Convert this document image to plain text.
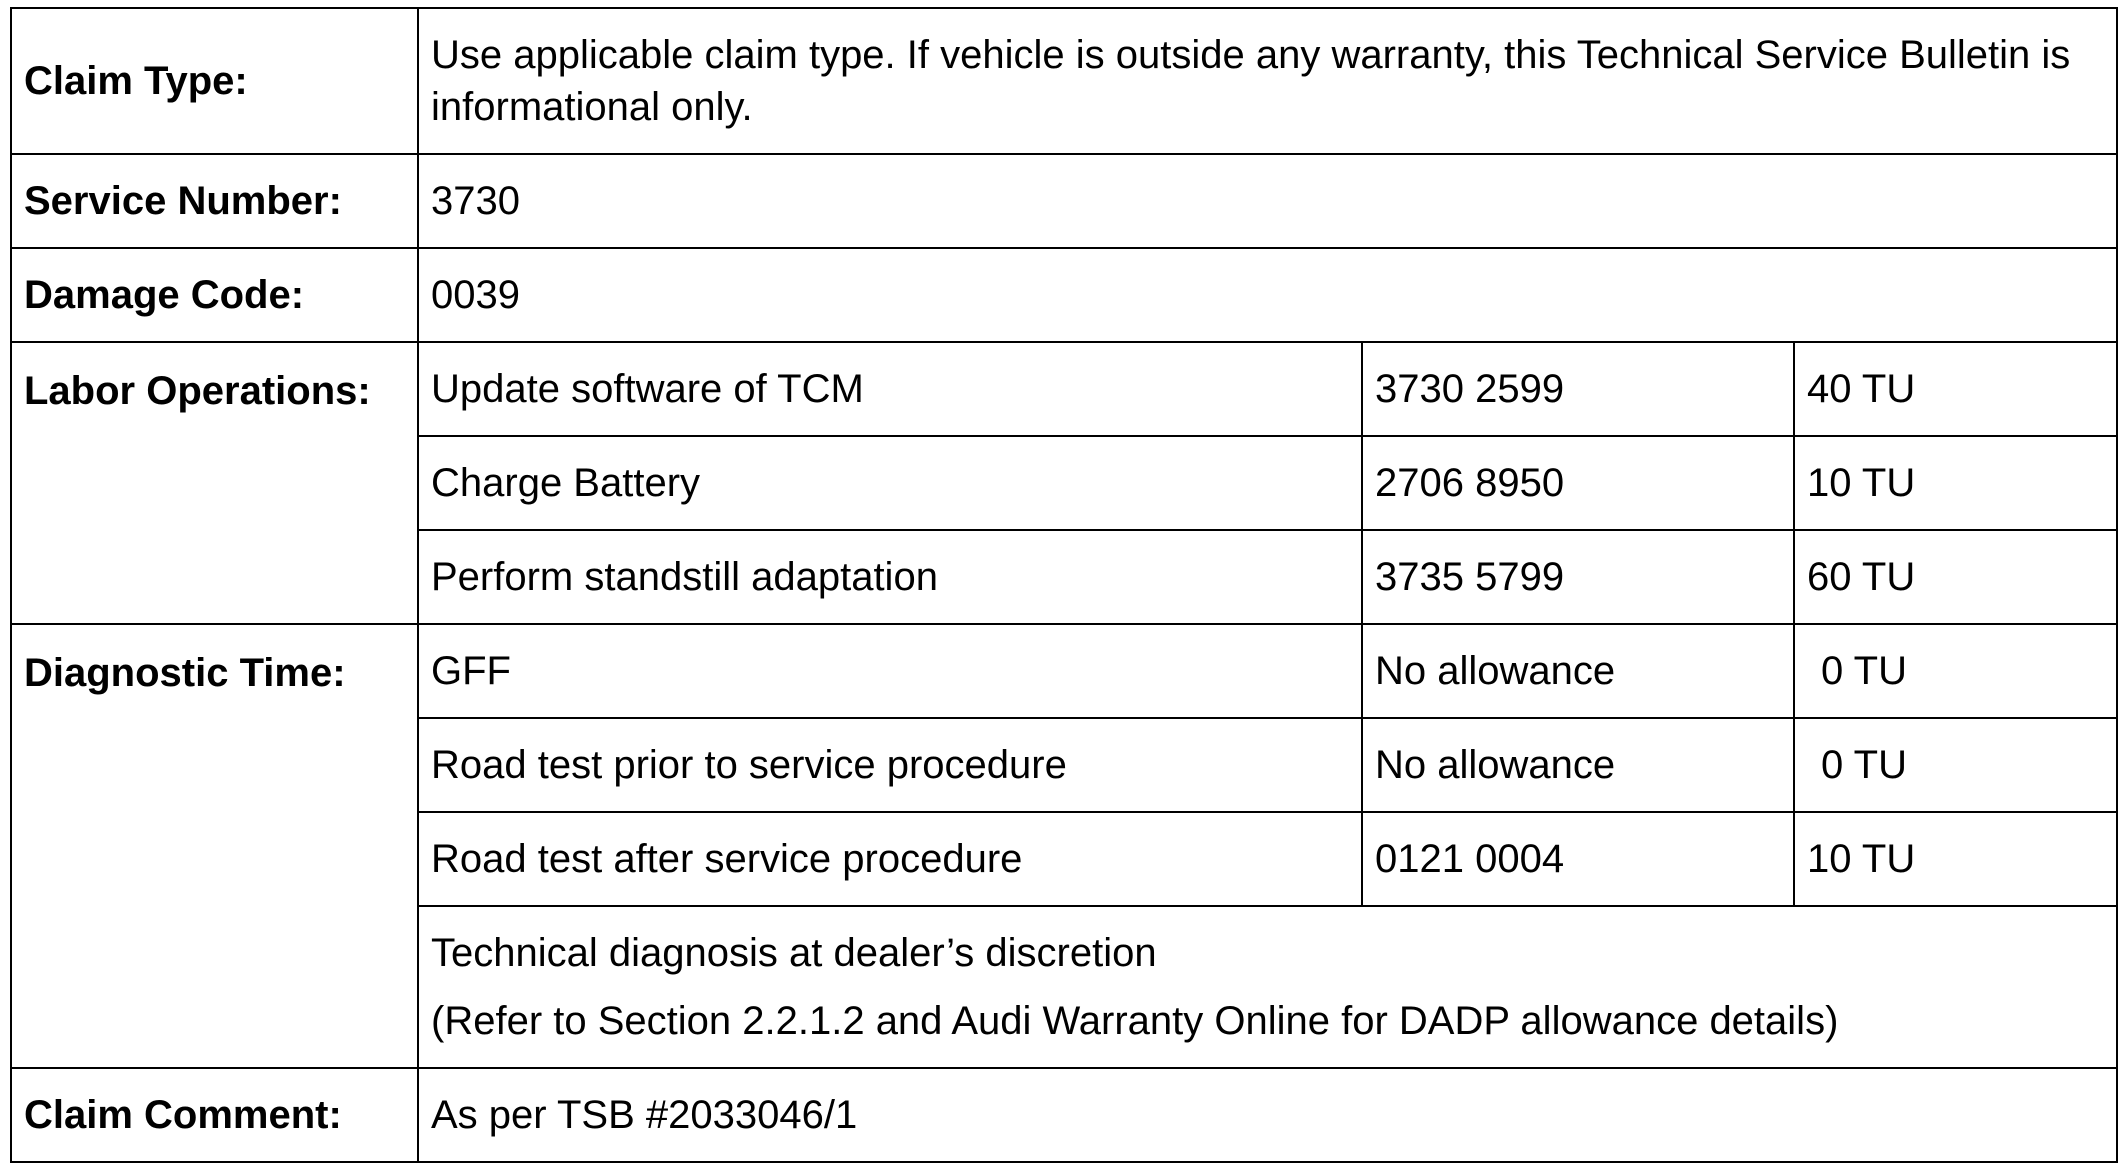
Claim Type:	Use applicable claim type. If vehicle is outside any warranty, this Technical Service Bulletin is informational only.		
Service Number:	3730		
Damage Code:	0039		
Labor Operations:	Update software of TCM	3730 2599	40 TU
	Charge Battery	2706 8950	10 TU
	Perform standstill adaptation	3735 5799	60 TU
Diagnostic Time:	GFF	No allowance	0 TU
	Road test prior to service procedure	No allowance	0 TU
	Road test after service procedure	0121 0004	10 TU

	Technical diagnosis at dealer’s discretion
(Refer to Section 2.2.1.2 and Audi Warranty Online for DADP allowance details)		

Claim Comment:	As per TSB #2033046/1		
